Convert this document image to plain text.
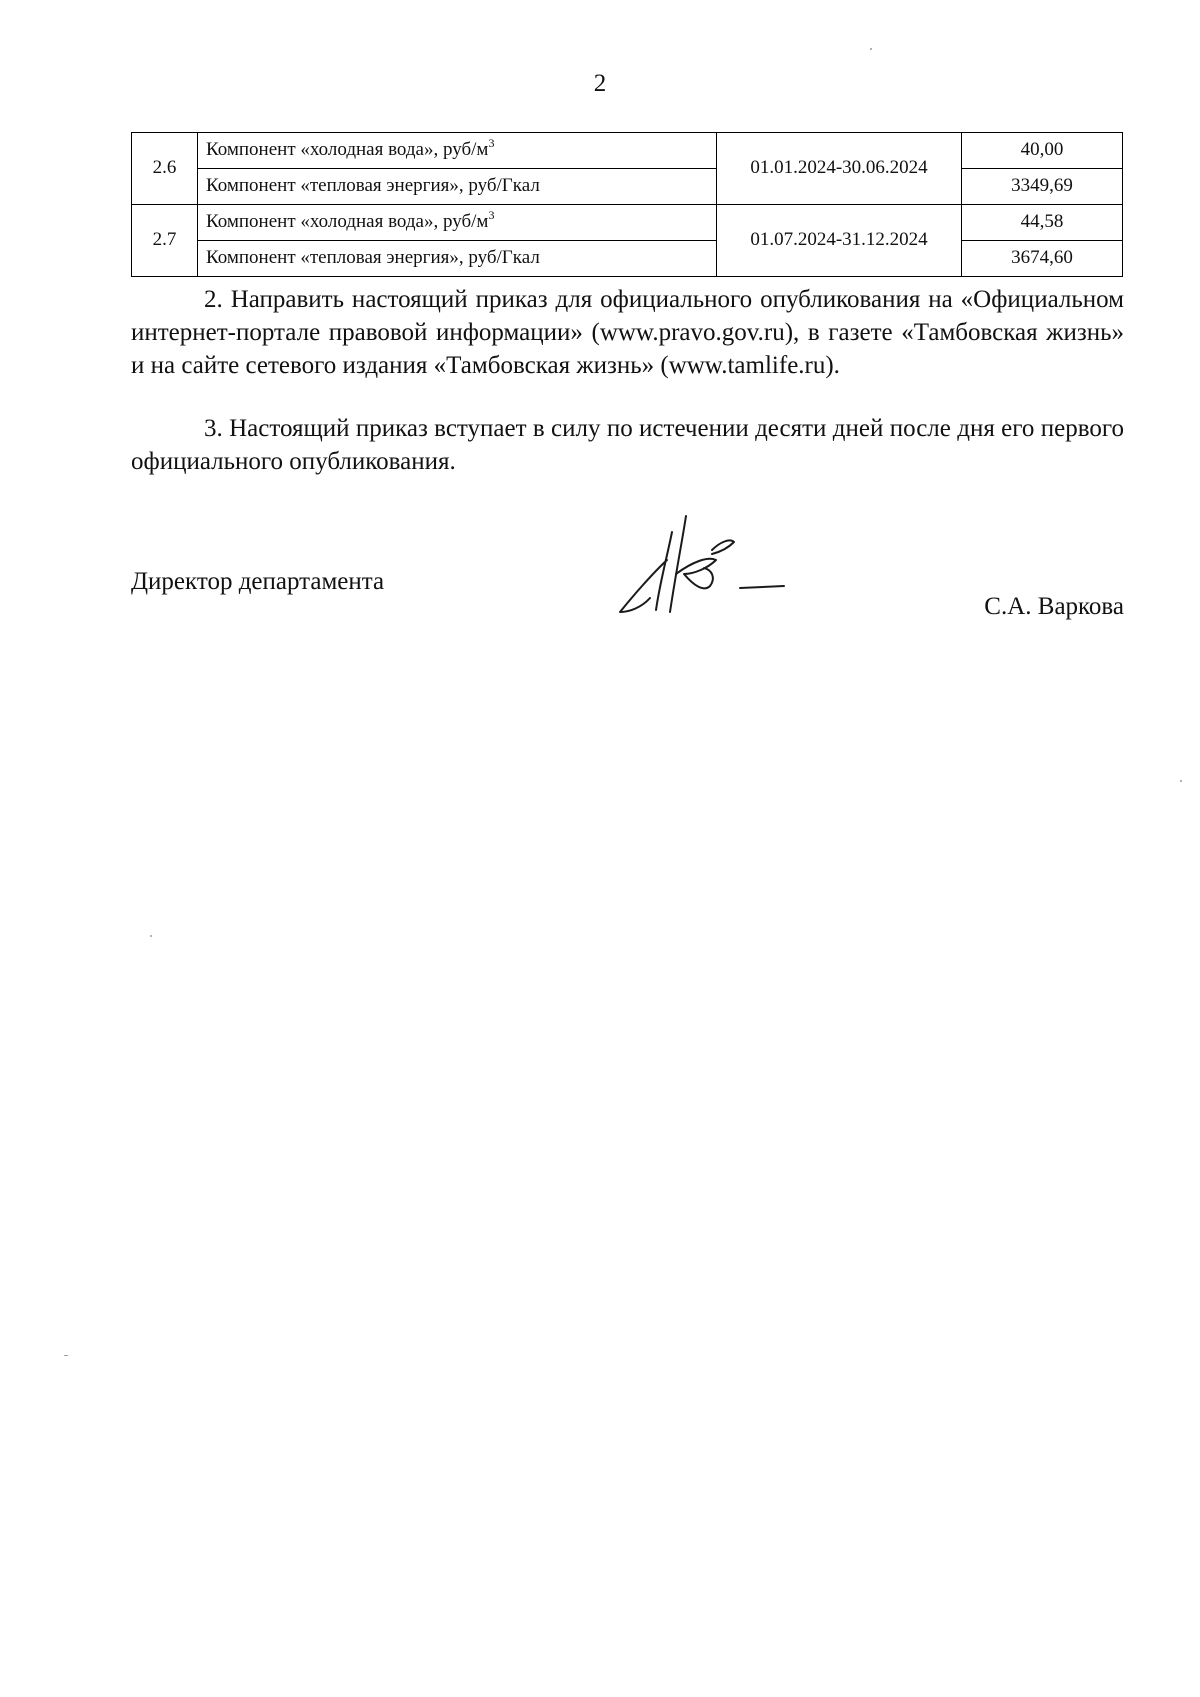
2
2.6	Компонент «холодная вода», руб/$м^3$	01.01.2024-30.06.2024	40,00
	Компонент «тепловая энергия», руб/Гкал		3349,69
2.7	Компонент «холодная вода», руб/$м^3$	01.07.2024-31.12.2024	44,58
	Компонент «тепловая энергия», руб/Гкал		3674,60

2. Направить настоящий приказ для официального опубликования на «Официальном интернет-портале правовой информации» (www.pravo.gov.ru), в газете «Тамбовская жизнь» и на сайте сетевого издания «Тамбовская жизнь» (www.tamlife.ru).

3. Настоящий приказ вступает в силу по истечении десяти дней после дня его первого официального опубликования.

Директор департамента

С.А. Варкова
